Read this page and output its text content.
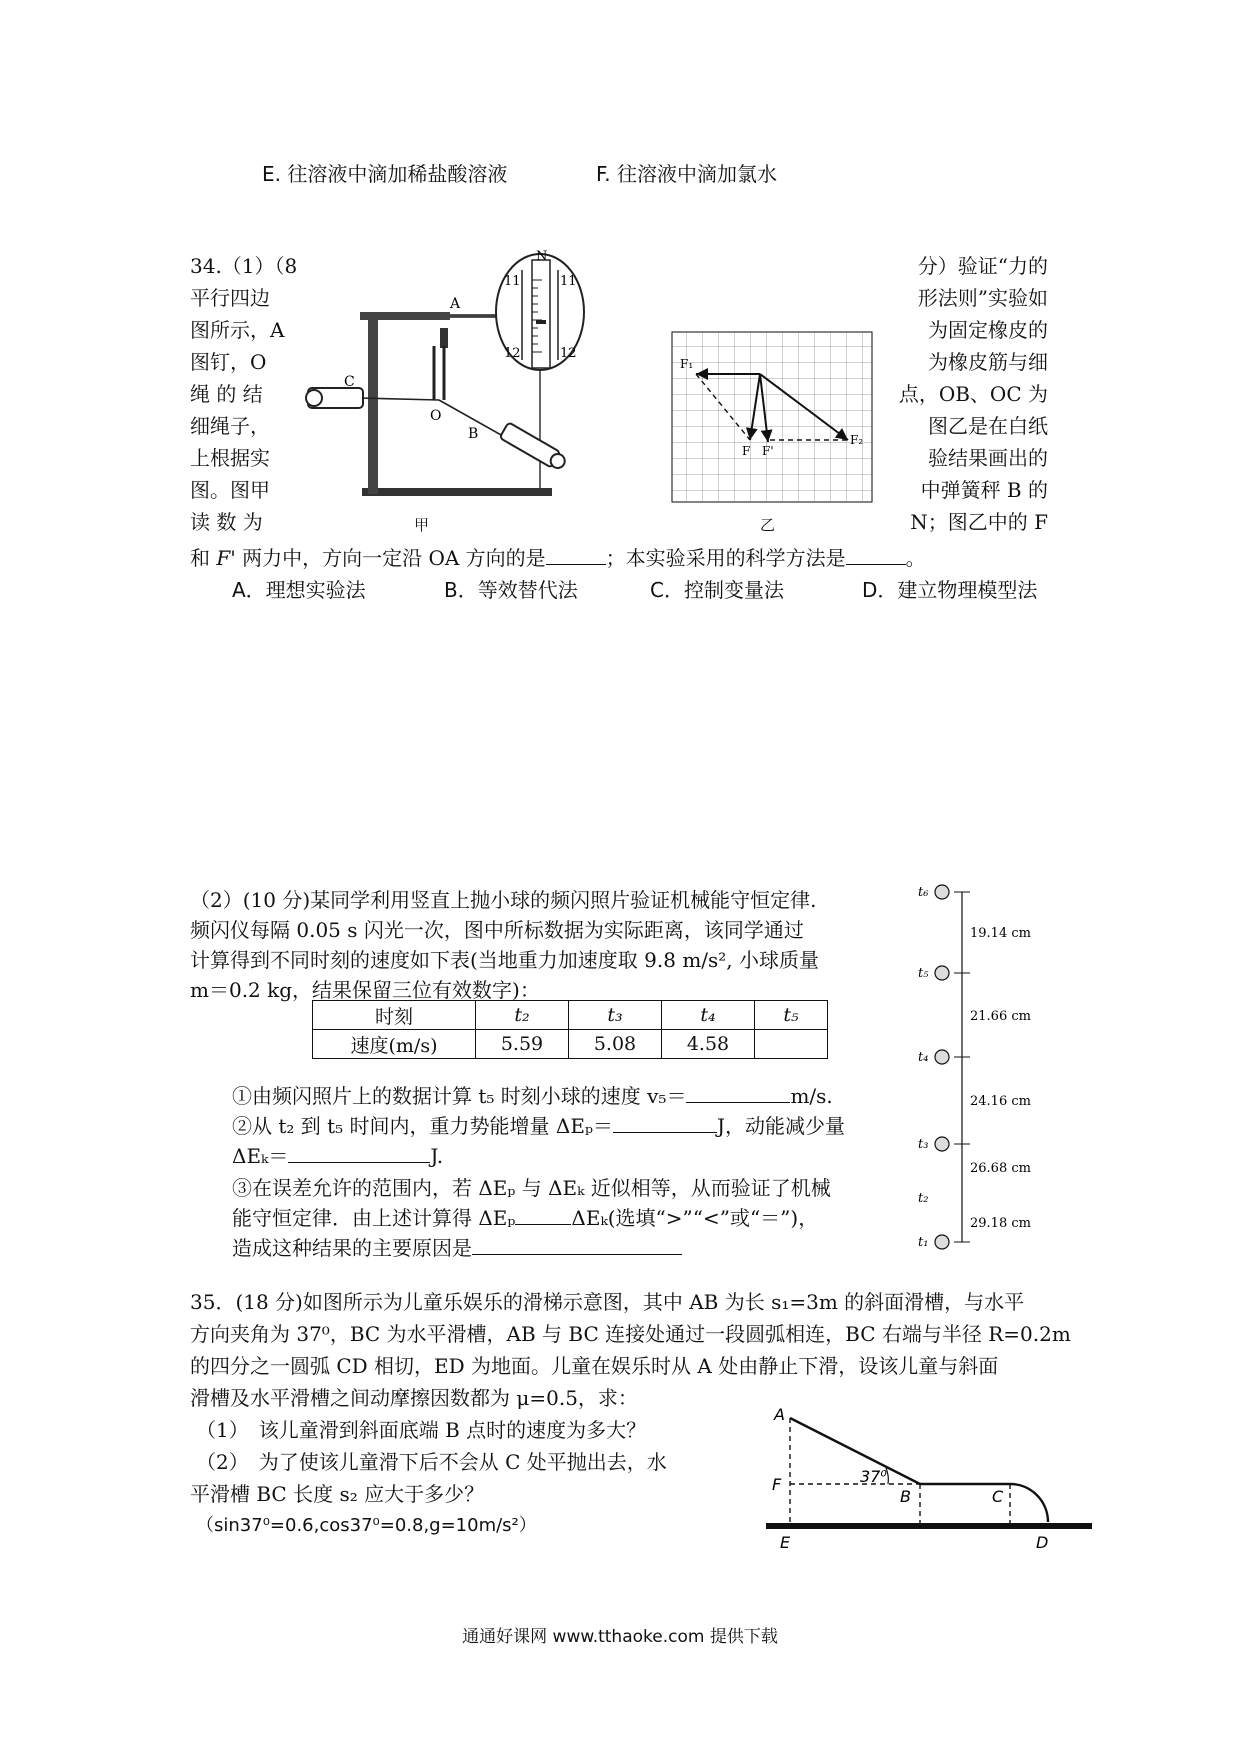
E. 往溶液中滴加稀盐酸溶液	F. 往溶液中滴加氯水
34.（1）（8
平行四边
图所示，A
图钉，O
绳 的 结
细绳子，
上根据实
图。图甲
读 数 为
分）验证“力的
形法则”实验如
为固定橡皮的
为橡皮筋与细
点，OB、OC 为
图乙是在白纸
验结果画出的
中弹簧秤 B 的
N；图乙中的 F
A
C
O
B
N
11	11
12	12
甲
F₁
F₂
F F'
乙
和 F' 两力中，方向一定沿 OA 方向的是	；本实验采用的科学方法是	。
A．理想实验法	B．等效替代法	C．控制变量法	D．建立物理模型法
（2）(10 分)某同学利用竖直上抛小球的频闪照片验证机械能守恒定律.
频闪仪每隔 0.05 s 闪光一次，图中所标数据为实际距离，该同学通过
计算得到不同时刻的速度如下表(当地重力加速度取 9.8 m/s², 小球质量
m＝0.2 kg，结果保留三位有效数字)：
时刻	t₂	t₃	t₄	t₅
速度(m/s)	5.59	5.08	4.58	
①由频闪照片上的数据计算 t₅ 时刻小球的速度 v₅＝	m/s.
②从 t₂ 到 t₅ 时间内，重力势能增量 ΔEₚ＝	J，动能减少量
ΔEₖ＝	J.
③在误差允许的范围内，若 ΔEₚ 与 ΔEₖ 近似相等，从而验证了机械
能守恒定律．由上述计算得 ΔEₚ	ΔEₖ(选填“>”“<”或“＝”)，
造成这种结果的主要原因是
t₆
t₅
t₄
t₃
t₂
t₁
19.14 cm
21.66 cm
24.16 cm
26.68 cm
29.18 cm
35．(18 分)如图所示为儿童乐娱乐的滑梯示意图，其中 AB 为长 s₁=3m 的斜面滑槽，与水平
方向夹角为 37⁰，BC 为水平滑槽，AB 与 BC 连接处通过一段圆弧相连，BC 右端与半径 R=0.2m
的四分之一圆弧 CD 相切，ED 为地面。儿童在娱乐时从 A 处由静止下滑，设该儿童与斜面
滑槽及水平滑槽之间动摩擦因数都为 μ=0.5，求：
（1）　该儿童滑到斜面底端 B 点时的速度为多大？
（2）　为了使该儿童滑下后不会从 C 处平抛出去，水
平滑槽 BC 长度 s₂ 应大于多少？
（sin37⁰=0.6,cos37⁰=0.8,g=10m/s²）
A
F	37⁰
B	C
E	D
通通好课网 www.tthaoke.com 提供下载
